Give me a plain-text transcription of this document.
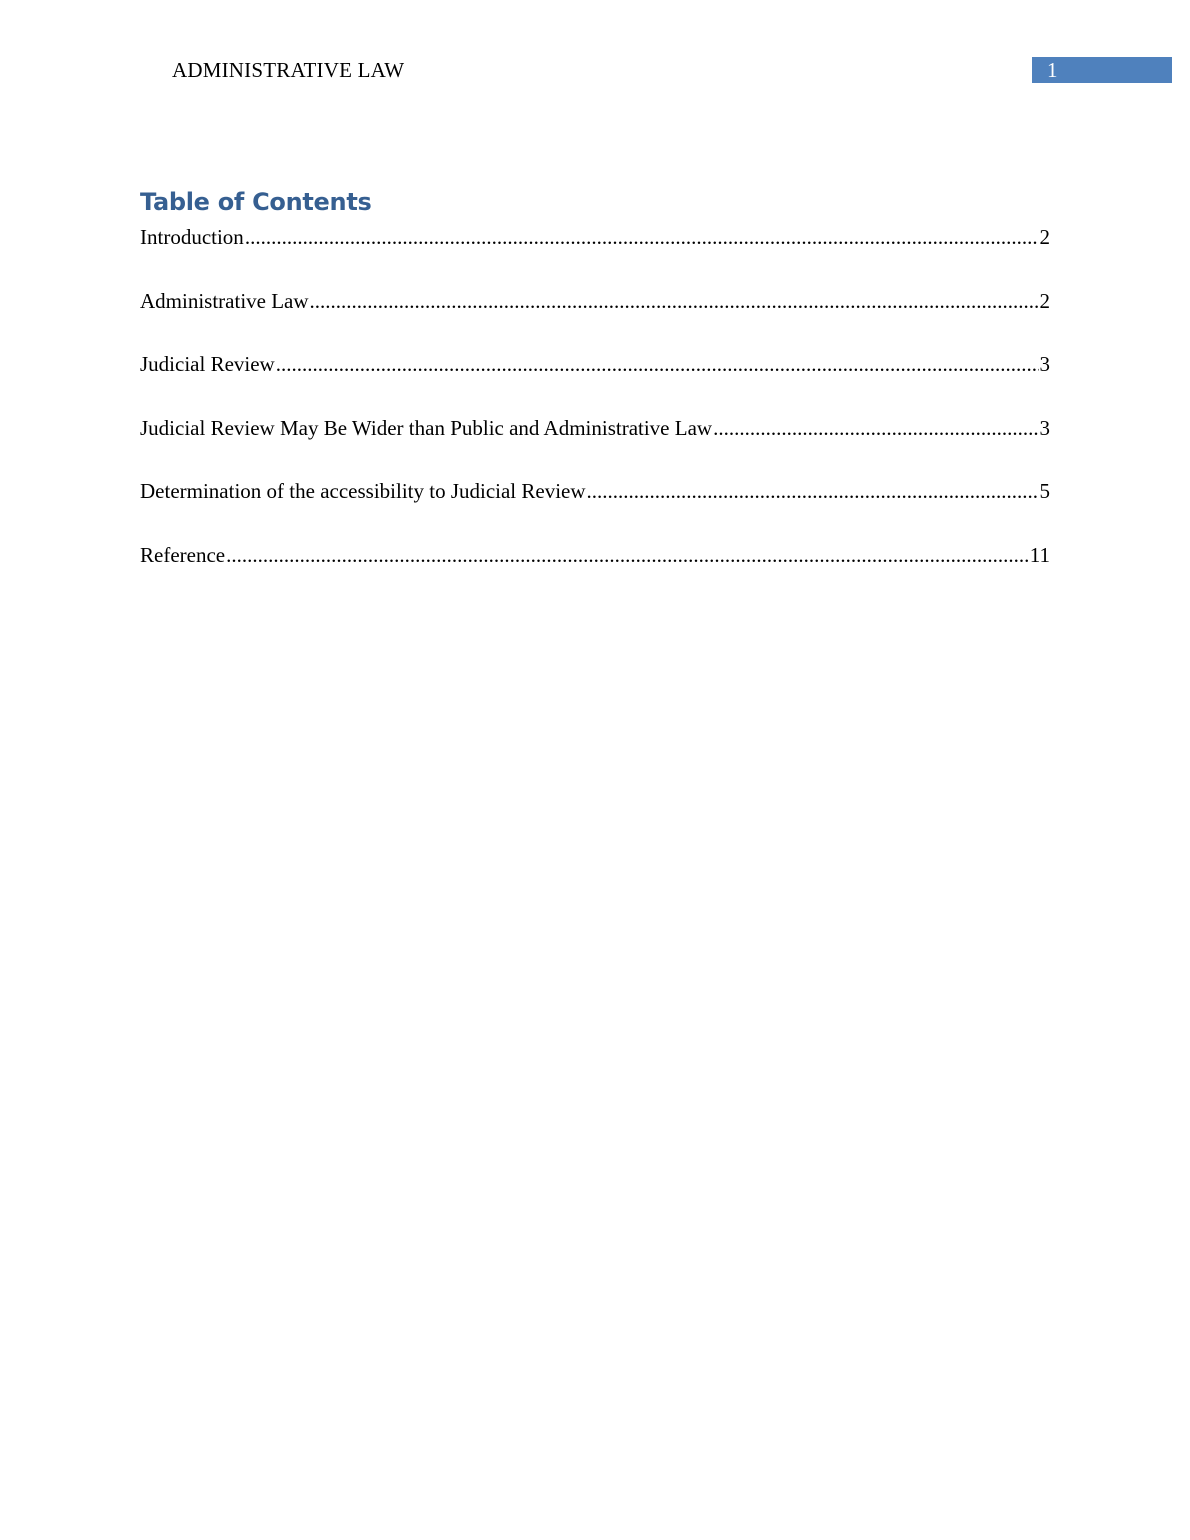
ADMINISTRATIVE LAW	1
Table of Contents
Introduction .....	2
Administrative Law .....	2
Judicial Review .....	3
Judicial Review May Be Wider than Public and Administrative Law .....	3
Determination of the accessibility to Judicial Review .....	5
Reference .....	11
